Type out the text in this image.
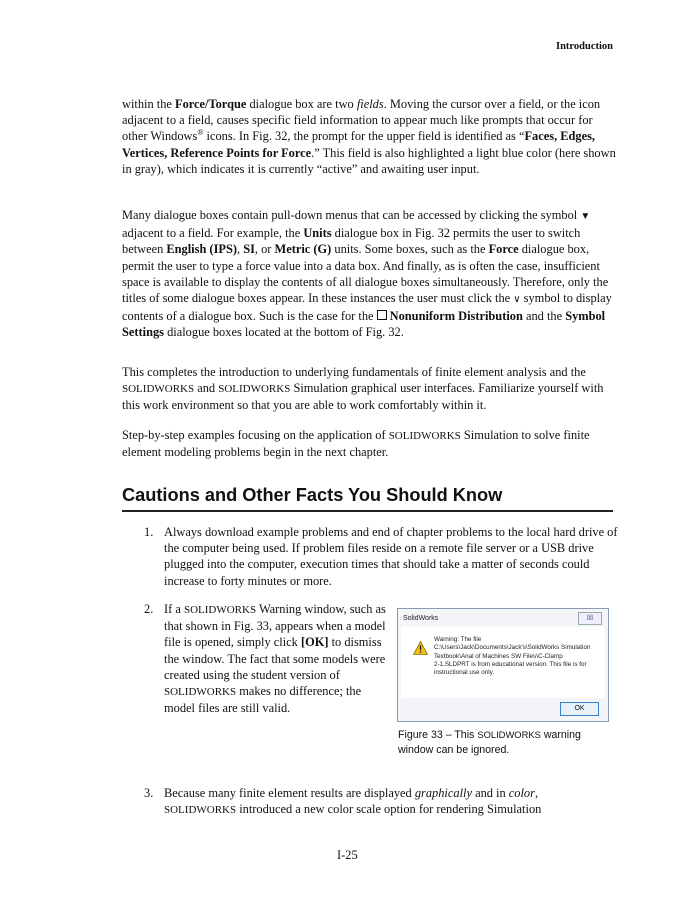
Introduction
within the Force/Torque dialogue box are two fields. Moving the cursor over a field, or the icon adjacent to a field, causes specific field information to appear much like prompts that occur for other Windows® icons. In Fig. 32, the prompt for the upper field is identified as “Faces, Edges, Vertices, Reference Points for Force.” This field is also highlighted a light blue color (here shown in gray), which indicates it is currently “active” and awaiting user input.
Many dialogue boxes contain pull-down menus that can be accessed by clicking the symbol ▼ adjacent to a field. For example, the Units dialogue box in Fig. 32 permits the user to switch between English (IPS), SI, or Metric (G) units. Some boxes, such as the Force dialogue box, permit the user to type a force value into a data box. And finally, as is often the case, insufficient space is available to display the contents of all dialogue boxes simultaneously. Therefore, only the titles of some dialogue boxes appear. In these instances the user must click the ∨ symbol to display contents of a dialogue box. Such is the case for the Nonuniform Distribution and the Symbol Settings dialogue boxes located at the bottom of Fig. 32.
This completes the introduction to underlying fundamentals of finite element analysis and the SOLIDWORKS and SOLIDWORKS Simulation graphical user interfaces. Familiarize yourself with this work environment so that you are able to work comfortably within it.
Step-by-step examples focusing on the application of SOLIDWORKS Simulation to solve finite element modeling problems begin in the next chapter.
Cautions and Other Facts You Should Know
1. Always download example problems and end of chapter problems to the local hard drive of the computer being used. If problem files reside on a remote file server or a USB drive plugged into the computer, execution times that should take a matter of seconds could increase to forty minutes or more.
2. If a SOLIDWORKS Warning window, such as that shown in Fig. 33, appears when a model file is opened, simply click [OK] to dismiss the window. The fact that some models were created using the student version of SOLIDWORKS makes no difference; the model files are still valid.
SolidWorks	☒
Warning: The file
C:\Users\Jack\Documents\Jack's\SolidWorks Simulation
Textbook\Anal of Machines SW Files\C-Clamp
2-1.SLDPRT is from educational version. This file is for
instructional use only.
OK
Figure 33 – This SOLIDWORKS warning window can be ignored.
3. Because many finite element results are displayed graphically and in color, SOLIDWORKS introduced a new color scale option for rendering Simulation
I-25
